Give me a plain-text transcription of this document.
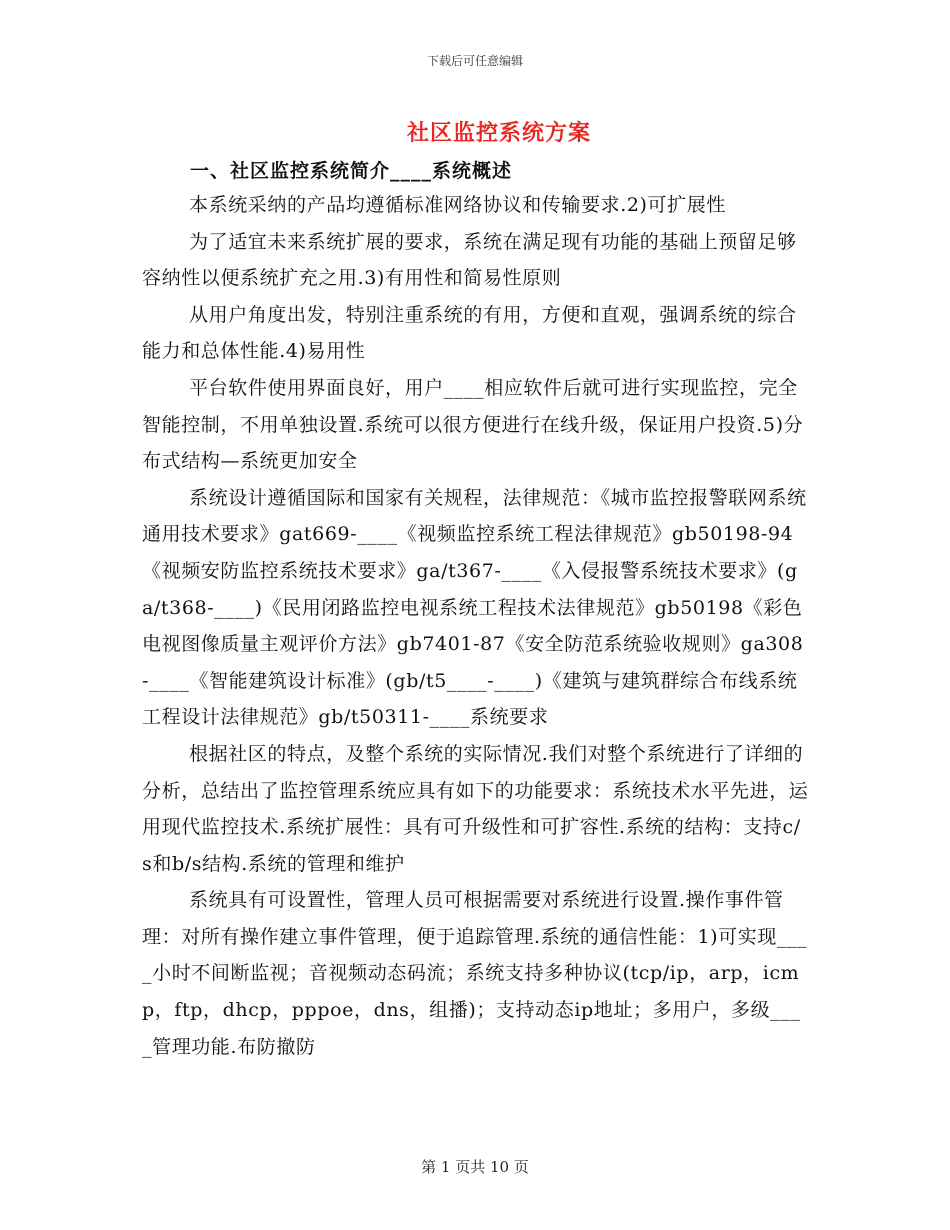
下载后可任意编辑
社区监控系统方案
一、社区监控系统简介____系统概述

本系统采纳的产品均遵循标准网络协议和传输要求.2)可扩展性

为了适宜未来系统扩展的要求，系统在满足现有功能的基础上预留足够容纳性以便系统扩充之用.3)有用性和简易性原则

从用户角度出发，特别注重系统的有用，方便和直观，强调系统的综合能力和总体性能.4)易用性

平台软件使用界面良好，用户____相应软件后就可进行实现监控，完全智能控制，不用单独设置.系统可以很方便进行在线升级，保证用户投资.5)分布式结构—系统更加安全

系统设计遵循国际和国家有关规程，法律规范：《城市监控报警联网系统通用技术要求》gat669-____《视频监控系统工程法律规范》gb50198-94《视频安防监控系统技术要求》ga/t367-____《入侵报警系统技术要求》(ga/t368-____)《民用闭路监控电视系统工程技术法律规范》gb50198《彩色电视图像质量主观评价方法》gb7401-87《安全防范系统验收规则》ga308-____《智能建筑设计标准》(gb/t5____-____)《建筑与建筑群综合布线系统工程设计法律规范》gb/t50311-____系统要求

根据社区的特点，及整个系统的实际情况.我们对整个系统进行了详细的分析，总结出了监控管理系统应具有如下的功能要求：系统技术水平先进，运用现代监控技术.系统扩展性：具有可升级性和可扩容性.系统的结构：支持c/s和b/s结构.系统的管理和维护

系统具有可设置性，管理人员可根据需要对系统进行设置.操作事件管理：对所有操作建立事件管理，便于追踪管理.系统的通信性能：1)可实现____小时不间断监视；音视频动态码流；系统支持多种协议(tcp/ip，arp，icmp，ftp，dhcp，pppoe，dns，组播)；支持动态ip地址；多用户，多级____管理功能.布防撤防

第 1 页共 10 页
